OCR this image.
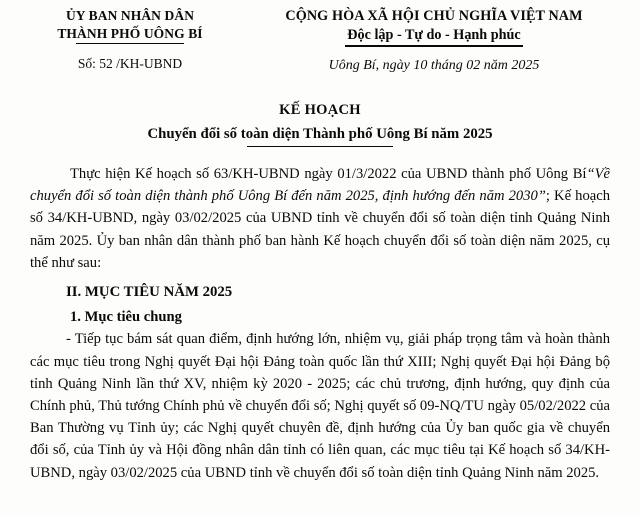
ỦY BAN NHÂN DÂN
THÀNH PHỐ UÔNG BÍ
Số: 52 /KH-UBND
CỘNG HÒA XÃ HỘI CHỦ NGHĨA VIỆT NAM
Độc lập - Tự do - Hạnh phúc
Uông Bí, ngày 10 tháng 02 năm 2025
KẾ HOẠCH
Chuyển đổi số toàn diện Thành phố Uông Bí năm 2025

Thực hiện Kế hoạch số 63/KH-UBND ngày 01/3/2022 của UBND thành phố Uông Bí“Về chuyển đổi số toàn diện thành phố Uông Bí đến năm 2025, định hướng đến năm 2030”; Kế hoạch số 34/KH-UBND, ngày 03/02/2025 của UBND tỉnh về chuyển đổi số toàn diện tỉnh Quảng Ninh năm 2025. Ủy ban nhân dân thành phố ban hành Kế hoạch chuyển đổi số toàn diện năm 2025, cụ thể như sau:

II. MỤC TIÊU NĂM 2025
1. Mục tiêu chung

- Tiếp tục bám sát quan điểm, định hướng lớn, nhiệm vụ, giải pháp trọng tâm và hoàn thành các mục tiêu trong Nghị quyết Đại hội Đảng toàn quốc lần thứ XIII; Nghị quyết Đại hội Đảng bộ tỉnh Quảng Ninh lần thứ XV, nhiệm kỳ 2020 - 2025; các chủ trương, định hướng, quy định của Chính phủ, Thủ tướng Chính phủ về chuyển đổi số; Nghị quyết số 09-NQ/TU ngày 05/02/2022 của Ban Thường vụ Tỉnh ủy; các Nghị quyết chuyên đề, định hướng của Ủy ban quốc gia về chuyển đổi số, của Tỉnh ủy và Hội đồng nhân dân tỉnh có liên quan, các mục tiêu tại Kế hoạch số 34/KH-UBND, ngày 03/02/2025 của UBND tỉnh về chuyển đổi số toàn diện tỉnh Quảng Ninh năm 2025.
